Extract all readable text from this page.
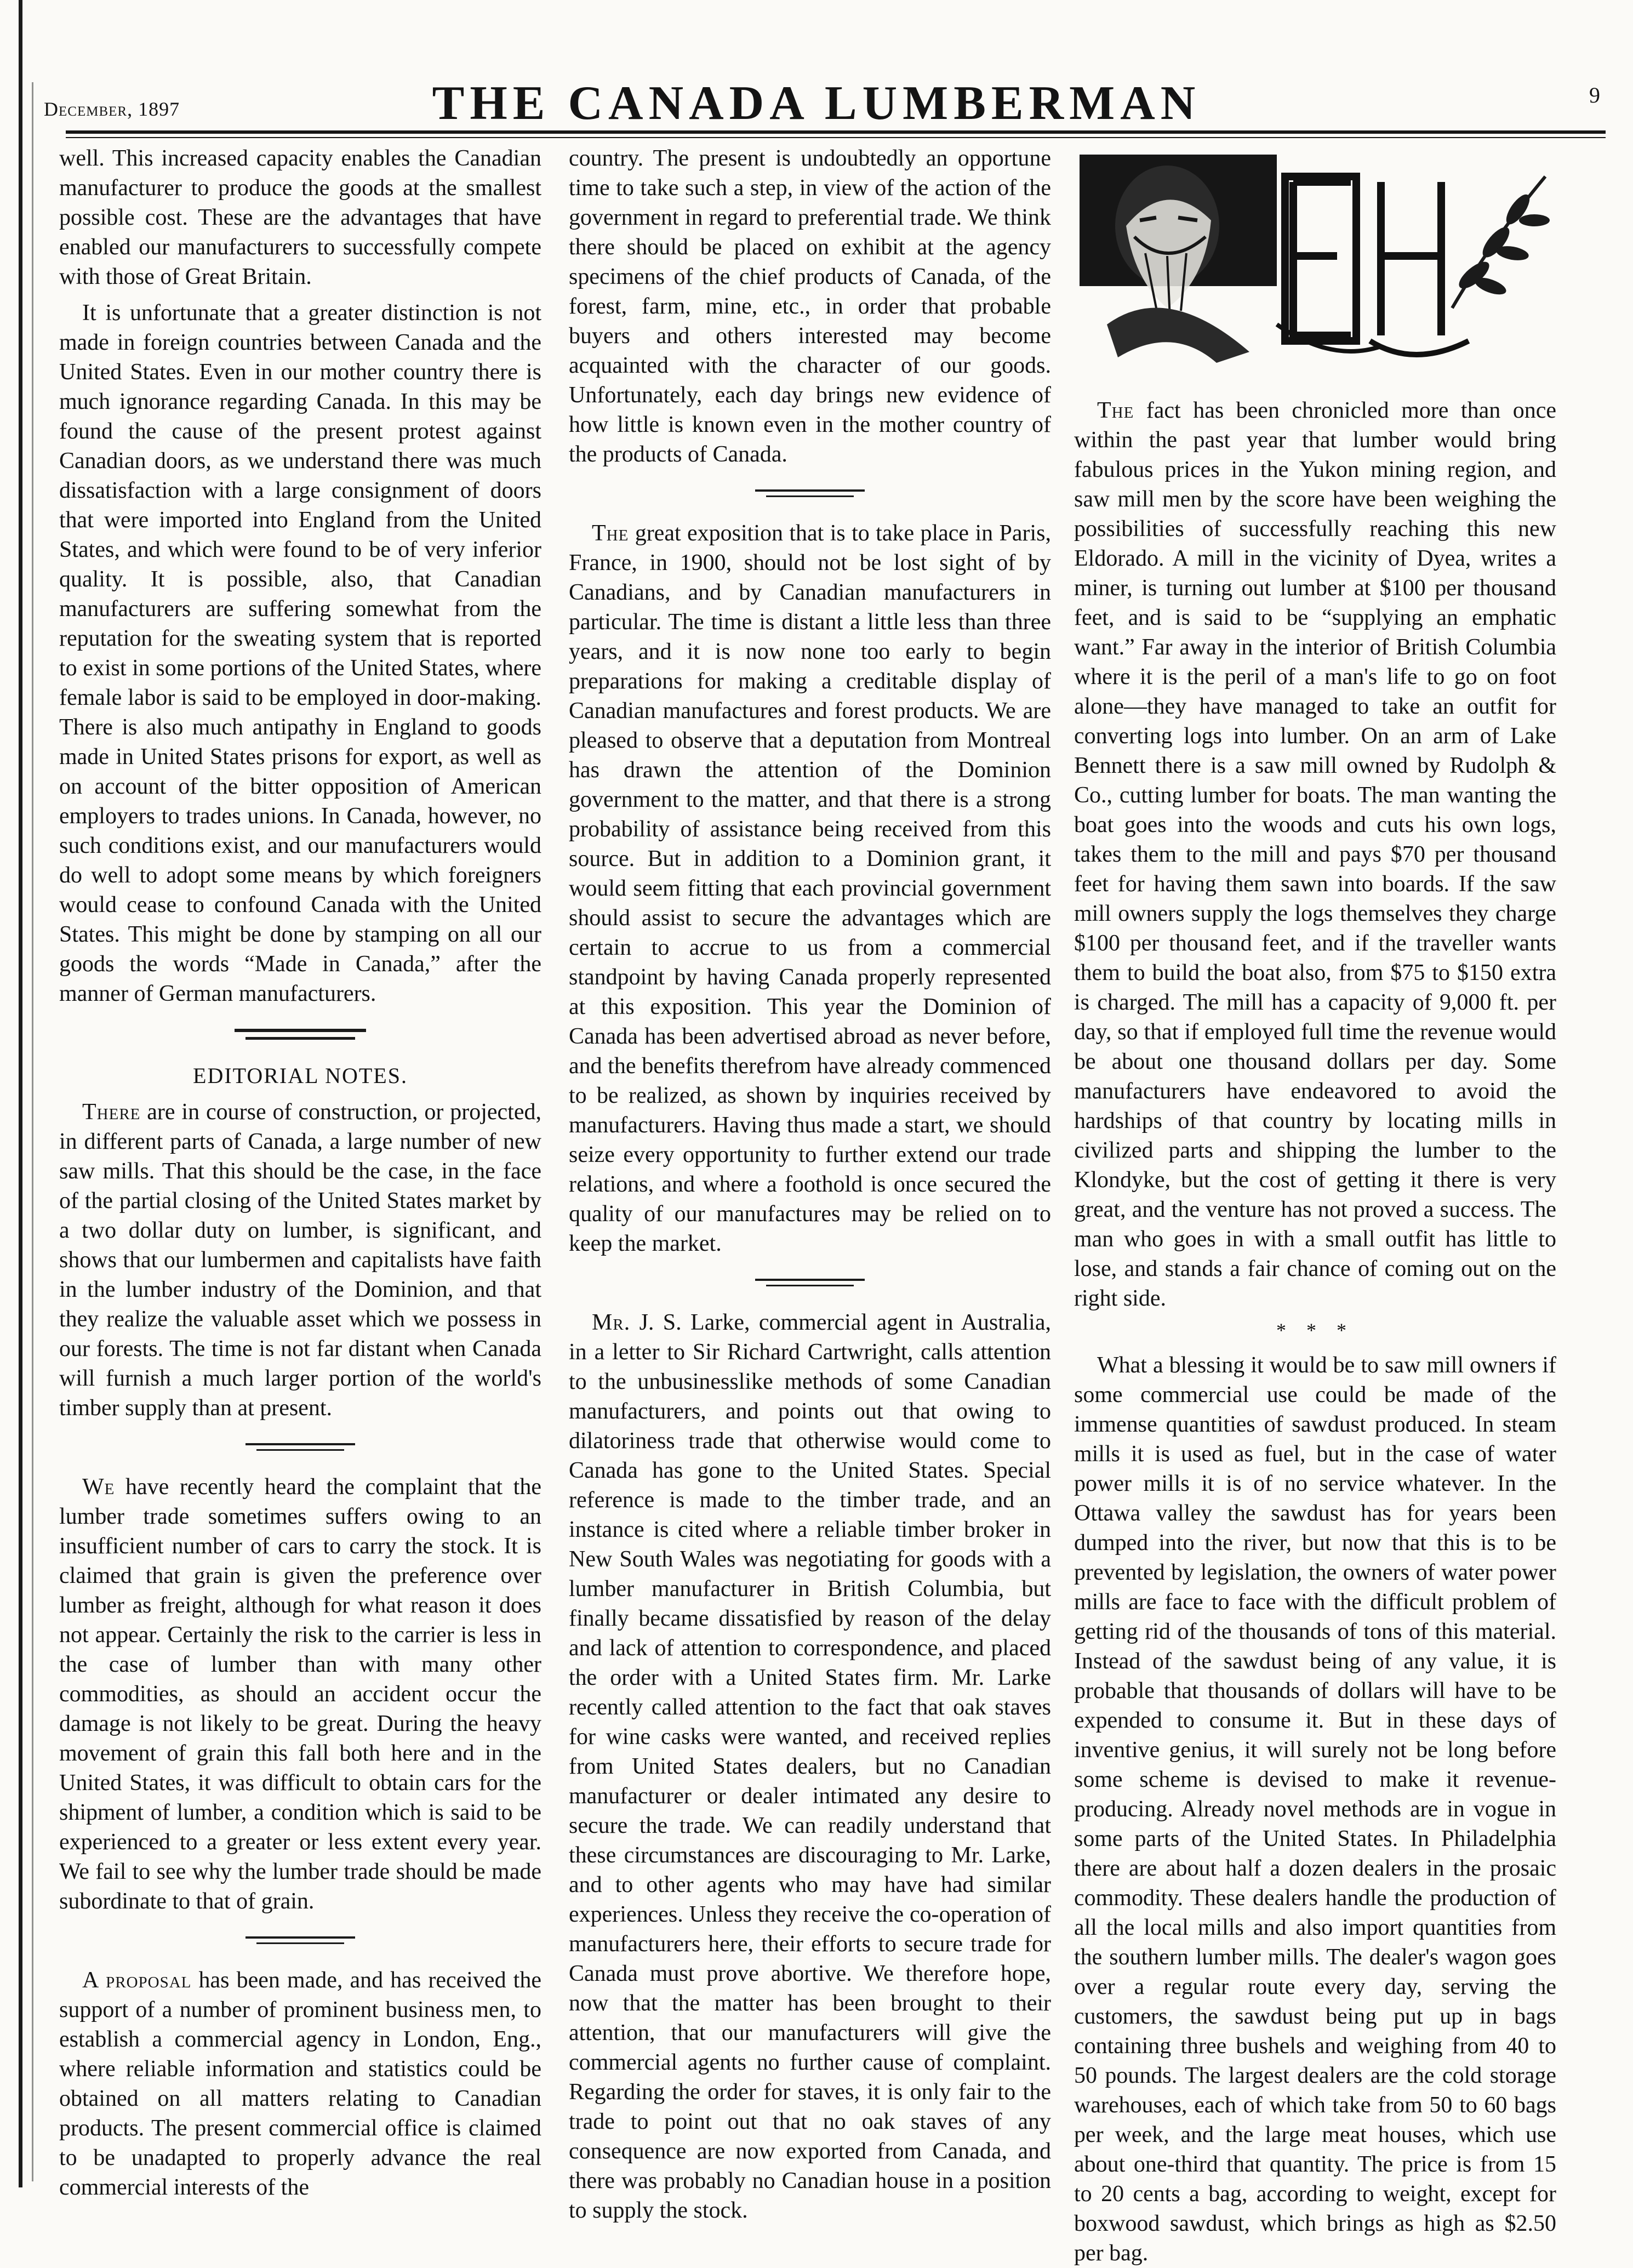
December, 1897	THE CANADA LUMBERMAN	9

well. This increased capacity enables the Canadian manufacturer to produce the goods at the smallest possible cost. These are the advantages that have enabled our manufacturers to successfully compete with those of Great Britain.

It is unfortunate that a greater distinction is not made in foreign countries between Canada and the United States. Even in our mother country there is much ignorance regarding Canada. In this may be found the cause of the present protest against Canadian doors, as we understand there was much dissatisfaction with a large consignment of doors that were imported into England from the United States, and which were found to be of very inferior quality. It is possible, also, that Canadian manufacturers are suffering somewhat from the reputation for the sweating system that is reported to exist in some portions of the United States, where female labor is said to be employed in door-making. There is also much antipathy in England to goods made in United States prisons for export, as well as on account of the bitter opposition of American employers to trades unions. In Canada, however, no such conditions exist, and our manufacturers would do well to adopt some means by which foreigners would cease to confound Canada with the United States. This might be done by stamping on all our goods the words “Made in Canada,” after the manner of German manufacturers.

EDITORIAL NOTES.

There are in course of construction, or projected, in different parts of Canada, a large number of new saw mills. That this should be the case, in the face of the partial closing of the United States market by a two dollar duty on lumber, is significant, and shows that our lumbermen and capitalists have faith in the lumber industry of the Dominion, and that they realize the valuable asset which we possess in our forests. The time is not far distant when Canada will furnish a much larger portion of the world's timber supply than at present.

We have recently heard the complaint that the lumber trade sometimes suffers owing to an insufficient number of cars to carry the stock. It is claimed that grain is given the preference over lumber as freight, although for what reason it does not appear. Certainly the risk to the carrier is less in the case of lumber than with many other commodities, as should an accident occur the damage is not likely to be great. During the heavy movement of grain this fall both here and in the United States, it was difficult to obtain cars for the shipment of lumber, a condition which is said to be experienced to a greater or less extent every year. We fail to see why the lumber trade should be made subordinate to that of grain.

A proposal has been made, and has received the support of a number of prominent business men, to establish a commercial agency in London, Eng., where reliable information and statistics could be obtained on all matters relating to Canadian products. The present commercial office is claimed to be unadapted to properly advance the real commercial interests of the

country. The present is undoubtedly an opportune time to take such a step, in view of the action of the government in regard to preferential trade. We think there should be placed on exhibit at the agency specimens of the chief products of Canada, of the forest, farm, mine, etc., in order that probable buyers and others interested may become acquainted with the character of our goods. Unfortunately, each day brings new evidence of how little is known even in the mother country of the products of Canada.

The great exposition that is to take place in Paris, France, in 1900, should not be lost sight of by Canadians, and by Canadian manufacturers in particular. The time is distant a little less than three years, and it is now none too early to begin preparations for making a creditable display of Canadian manufactures and forest products. We are pleased to observe that a deputation from Montreal has drawn the attention of the Dominion government to the matter, and that there is a strong probability of assistance being received from this source. But in addition to a Dominion grant, it would seem fitting that each provincial government should assist to secure the advantages which are certain to accrue to us from a commercial standpoint by having Canada properly represented at this exposition. This year the Dominion of Canada has been advertised abroad as never before, and the benefits therefrom have already commenced to be realized, as shown by inquiries received by manufacturers. Having thus made a start, we should seize every opportunity to further extend our trade relations, and where a foothold is once secured the quality of our manufactures may be relied on to keep the market.

Mr. J. S. Larke, commercial agent in Australia, in a letter to Sir Richard Cartwright, calls attention to the unbusinesslike methods of some Canadian manufacturers, and points out that owing to dilatoriness trade that otherwise would come to Canada has gone to the United States. Special reference is made to the timber trade, and an instance is cited where a reliable timber broker in New South Wales was negotiating for goods with a lumber manufacturer in British Columbia, but finally became dissatisfied by reason of the delay and lack of attention to correspondence, and placed the order with a United States firm. Mr. Larke recently called attention to the fact that oak staves for wine casks were wanted, and received replies from United States dealers, but no Canadian manufacturer or dealer intimated any desire to secure the trade. We can readily understand that these circumstances are discouraging to Mr. Larke, and to other agents who may have had similar experiences. Unless they receive the co-operation of manufacturers here, their efforts to secure trade for Canada must prove abortive. We therefore hope, now that the matter has been brought to their attention, that our manufacturers will give the commercial agents no further cause of complaint. Regarding the order for staves, it is only fair to the trade to point out that no oak staves of any consequence are now exported from Canada, and there was probably no Canadian house in a position to supply the stock.

The fact has been chronicled more than once within the past year that lumber would bring fabulous prices in the Yukon mining region, and saw mill men by the score have been weighing the possibilities of successfully reaching this new Eldorado. A mill in the vicinity of Dyea, writes a miner, is turning out lumber at $100 per thousand feet, and is said to be “supplying an emphatic want.” Far away in the interior of British Columbia where it is the peril of a man's life to go on foot alone—they have managed to take an outfit for converting logs into lumber. On an arm of Lake Bennett there is a saw mill owned by Rudolph & Co., cutting lumber for boats. The man wanting the boat goes into the woods and cuts his own logs, takes them to the mill and pays $70 per thousand feet for having them sawn into boards. If the saw mill owners supply the logs themselves they charge $100 per thousand feet, and if the traveller wants them to build the boat also, from $75 to $150 extra is charged. The mill has a capacity of 9,000 ft. per day, so that if employed full time the revenue would be about one thousand dollars per day. Some manufacturers have endeavored to avoid the hardships of that country by locating mills in civilized parts and shipping the lumber to the Klondyke, but the cost of getting it there is very great, and the venture has not proved a success. The man who goes in with a small outfit has little to lose, and stands a fair chance of coming out on the right side.

* * *

What a blessing it would be to saw mill owners if some commercial use could be made of the immense quantities of sawdust produced. In steam mills it is used as fuel, but in the case of water power mills it is of no service whatever. In the Ottawa valley the sawdust has for years been dumped into the river, but now that this is to be prevented by legislation, the owners of water power mills are face to face with the difficult problem of getting rid of the thousands of tons of this material. Instead of the sawdust being of any value, it is probable that thousands of dollars will have to be expended to consume it. But in these days of inventive genius, it will surely not be long before some scheme is devised to make it revenue-producing. Already novel methods are in vogue in some parts of the United States. In Philadelphia there are about half a dozen dealers in the prosaic commodity. These dealers handle the production of all the local mills and also import quantities from the southern lumber mills. The dealer's wagon goes over a regular route every day, serving the customers, the sawdust being put up in bags containing three bushels and weighing from 40 to 50 pounds. The largest dealers are the cold storage warehouses, each of which take from 50 to 60 bags per week, and the large meat houses, which use about one-third that quantity. The price is from 15 to 20 cents a bag, according to weight, except for boxwood sawdust, which brings as high as $2.50 per bag.
